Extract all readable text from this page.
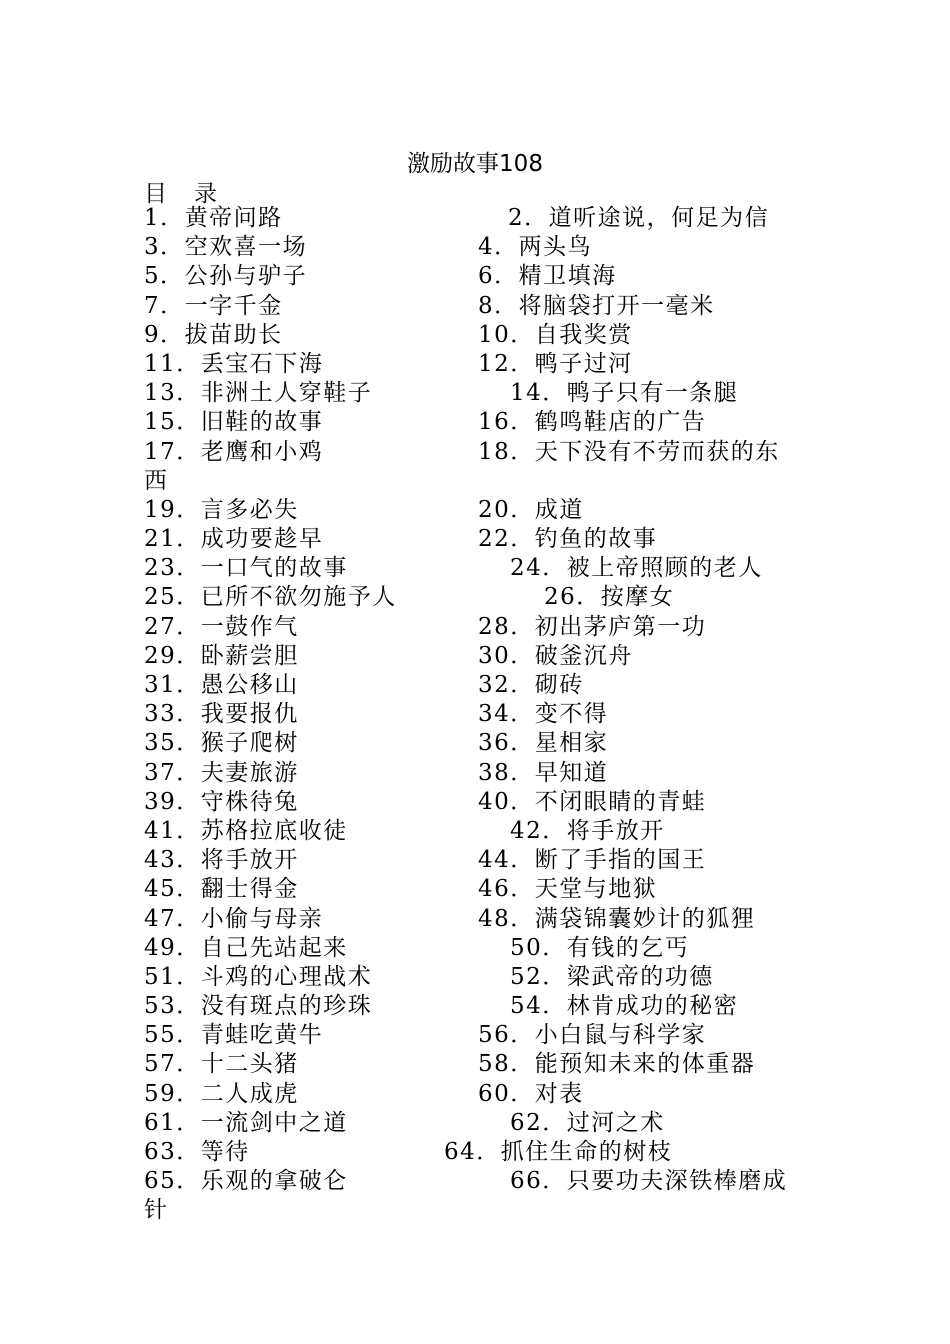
激励故事108
目　录
1．黄帝问路	2．道听途说，何足为信
3．空欢喜一场	4．两头鸟
5．公孙与驴子	6．精卫填海
7．一字千金	8．将脑袋打开一毫米
9．拔苗助长	10．自我奖赏
11．丢宝石下海	12．鸭子过河
13．非洲土人穿鞋子	14．鸭子只有一条腿
15．旧鞋的故事	16．鹤鸣鞋店的广告
17．老鹰和小鸡	18．天下没有不劳而获的东
西
19．言多必失	20．成道
21．成功要趁早	22．钓鱼的故事
23．一口气的故事	24．被上帝照顾的老人
25．已所不欲勿施予人	26．按摩女
27．一鼓作气	28．初出茅庐第一功
29．卧薪尝胆	30．破釜沉舟
31．愚公移山	32．砌砖
33．我要报仇	34．变不得
35．猴子爬树	36．星相家
37．夫妻旅游	38．早知道
39．守株待兔	40．不闭眼睛的青蛙
41．苏格拉底收徒	42．将手放开
43．将手放开	44．断了手指的国王
45．翻士得金	46．天堂与地狱
47．小偷与母亲	48．满袋锦囊妙计的狐狸
49．自己先站起来	50．有钱的乞丐
51．斗鸡的心理战术	52．梁武帝的功德
53．没有斑点的珍珠	54．林肯成功的秘密
55．青蛙吃黄牛	56．小白鼠与科学家
57．十二头猪	58．能预知未来的体重器
59．二人成虎	60．对表
61．一流剑中之道	62．过河之术
63．等待	64．抓住生命的树枝
65．乐观的拿破仑	66．只要功夫深铁棒磨成
针
